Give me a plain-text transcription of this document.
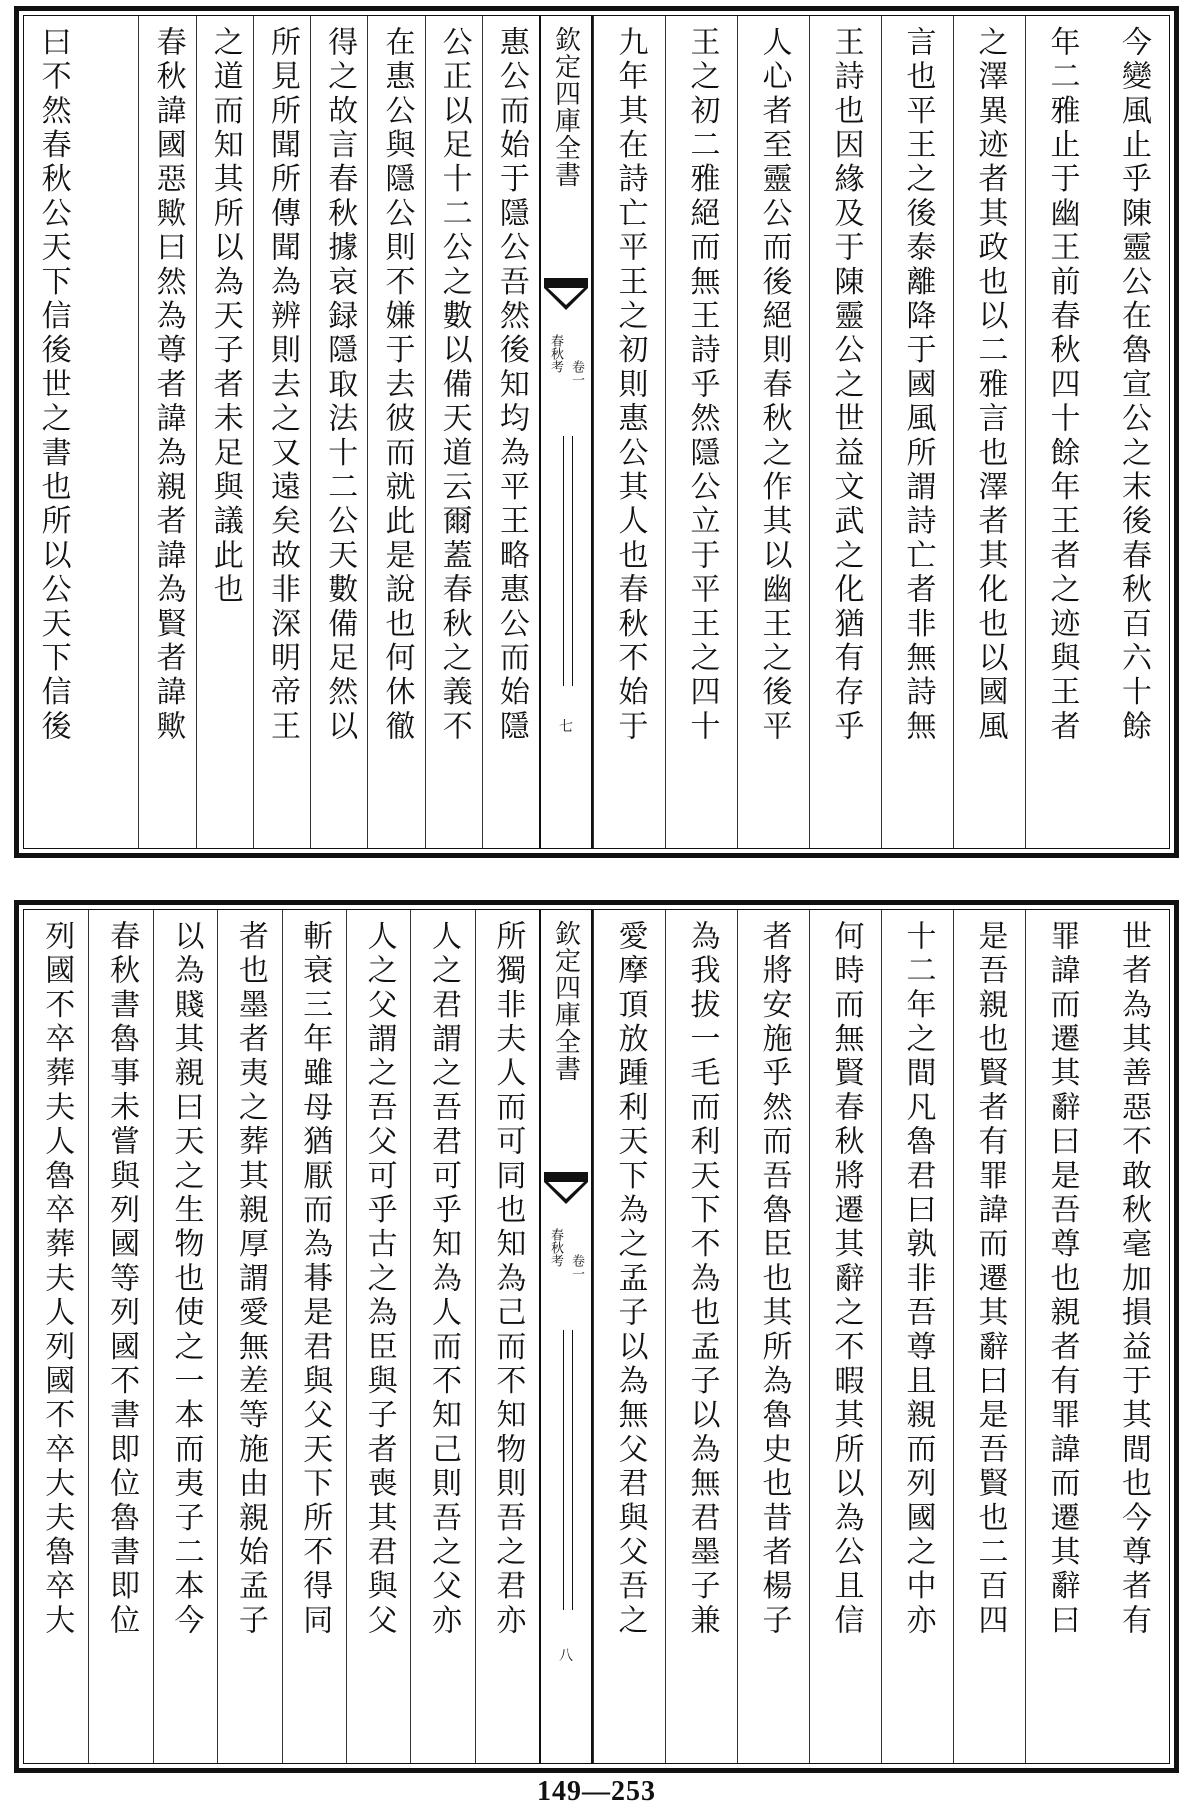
今變風止乎陳靈公在魯宣公之末後春秋百六十餘
年二雅止于幽王前春秋四十餘年王者之迹與王者
之澤異迹者其政也以二雅言也澤者其化也以國風
言也平王之後泰離降于國風所謂詩亡者非無詩無
王詩也因緣及于陳靈公之世益文武之化猶有存乎
人心者至靈公而後絕則春秋之作其以幽王之後平
王之初二雅絕而無王詩乎然隱公立于平王之四十
九年其在詩亡平王之初則惠公其人也春秋不始于
欽定四庫全書
春秋考 卷一
七
惠公而始于隱公吾然後知均為平王略惠公而始隱
公正以足十二公之數以備天道云爾蓋春秋之義不
在惠公與隱公則不嫌于去彼而就此是說也何休徹
得之故言春秋據哀録隱取法十二公天數備足然以
所見所聞所傳聞為辨則去之又遠矣故非深明帝王
之道而知其所以為天子者未足與議此也
春秋諱國惡歟曰然為尊者諱為親者諱為賢者諱歟
曰不然春秋公天下信後世之書也所以公天下信後
世者為其善惡不敢秋毫加損益于其間也今尊者有
罪諱而遷其辭曰是吾尊也親者有罪諱而遷其辭曰
是吾親也賢者有罪諱而遷其辭曰是吾賢也二百四
十二年之間凡魯君曰孰非吾尊且親而列國之中亦
何時而無賢春秋將遷其辭之不暇其所以為公且信
者將安施乎然而吾魯臣也其所為魯史也昔者楊子
為我拔一毛而利天下不為也孟子以為無君墨子兼
愛摩頂放踵利天下為之孟子以為無父君與父吾之
欽定四庫全書
春秋考 卷一
八
所獨非夫人而可同也知為己而不知物則吾之君亦
人之君謂之吾君可乎知為人而不知己則吾之父亦
人之父謂之吾父可乎古之為臣與子者喪其君與父
斬衰三年雖母猶厭而為朞是君與父天下所不得同
者也墨者夷之葬其親厚謂愛無差等施由親始孟子
以為賤其親曰天之生物也使之一本而夷子二本今
春秋書魯事未嘗與列國等列國不書即位魯書即位
列國不卒葬夫人魯卒葬夫人列國不卒大夫魯卒大
149—253
